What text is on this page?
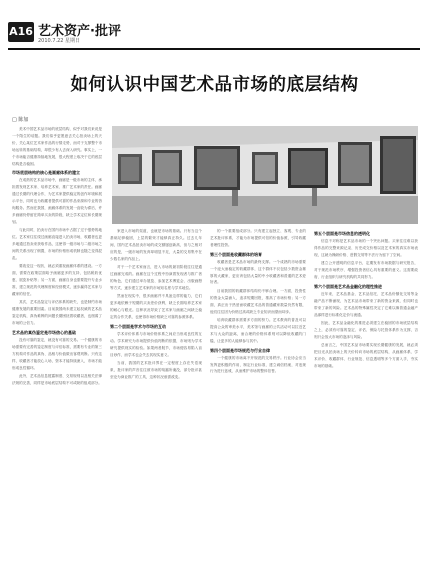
A16 艺术资产·批评
2010.7.22 星期日
如何认识中国艺术品市场的底层结构
□ 陈加
美术中国艺术品市场的底层结构，似乎对我们来说是一个陌生的话题。我们似乎更愿意去关心拍卖场上的天价，关心某位艺术家作品的行情走势，而对于支撑整个市场运转的基础结构，却很少有人去深入研究。事实上，一个市场能否健康持续地发展，很大程度上取决于它的底层结构是否稳固。
市场底层结构的核心是画廊体系的建立
在成熟的艺术品市场中，画廊是一级市场的主体，承担着发现艺术家、培养艺术家、推广艺术家的责任。画廊通过长期的代理合作，为艺术家提供稳定的创作环境和展示平台，同时也为收藏者提供可靠的作品来源和专业的咨询服务。然而在我国，画廊体系的发展一直较为滞后，许多画廊仍停留在简单买卖的阶段，缺乏学术定位和长期规划。
与此同时，拍卖行在国内市场中占据了过于强势的地位。艺术家往往绕过画廊直接进入拍卖市场，收藏者也更多地通过拍卖来获取作品，这使得一级市场与二级市场之间的关系出现了倒置，市场的价格形成机制也随之变得混乱。
要改变这一现状，就必须重视画廊体系的建设。一方面，需要在政策层面给予画廊更多的支持，包括税收优惠、展览补贴等；另一方面，画廊自身也需要提升专业水准，建立规范的代理制度和经营模式，逐步赢得艺术家与藏家的信任。
其次，艺术品鉴定与评估体系的缺失，也是制约市场健康发展的重要因素。目前我国尚未建立起权威的艺术品鉴定机构，真伪难辨的问题长期困扰着收藏者，也削弱了市场的公信力。
艺术品的真伪鉴定是市场信心的基础
没有可靠的鉴定，就没有可靠的交易。一个健康的市场需要有完善的鉴定制度与评估标准，需要有专业的第三方机构对作品的真伪、品相与价值做出客观判断。只有这样，收藏者才能放心入场，资本才能持续流入，市场才能形成良性循环。
此外，艺术品信息披露制度、交易规则以及相关法律法规的完善，同样是市场底层结构不可或缺的组成部分。
家进入市场的渠道，也就是市场的基础。只有当这个基础足够稳固，上层的繁荣才能够真正持久。过去几年间，国内艺术品拍卖市场的成交额屡创新高，但与之相对应的是，一级市场的发育却明显不足，大量的交易集中在少数名家的作品上。
对于一个艺术家而言，进入市场的最初阶段往往是通过画廊完成的。画廊在这个过程中扮演着发现者与推广者的角色，它们通过举办展览、参加艺术博览会、出版画册等方式，逐步建立艺术家的市场知名度与学术地位。
然而在现实中，很多画廊并不具备这样的能力，它们更多地依赖于短期的买卖差价获利，缺乏长期培养艺术家的耐心与眼光。这种状况导致了艺术家与画廊之间缺乏稳定的合作关系，也使得市场价格缺乏可靠的参照体系。
第二个层面是学术与市场的互动
学术评价体系与市场价格体系之间应当形成良性的互动。学术研究为市场提供价值判断的依据，市场则为学术研究提供现实的检验。如果两者脱节，市场便容易陷入盲目炒作，而学术也会失去其现实意义。
当前，我国的艺术批评界在一定程度上存在失语现象，批评家的声音往往被市场的喧嚣所淹没，部分批评甚至沦为商业推广的工具，这种状况亟需改变。
的一个重要组成部分。只有建立起独立、客观、专业的艺术批评体系，才能为市场提供可信的价值参照，引导收藏者理性投资。
第三个层面是收藏群体的培育
收藏者是艺术品市场的最终支撑。一个成熟的市场需要一个庞大而稳定的收藏群体，这个群体不仅包括少数资金雄厚的大藏家，更应该包括大量的中小收藏者和普通的艺术爱好者。
目前我国的收藏群体结构仍不够合理。一方面，投资性的资金大量涌入，追求短期回报，推高了市场价格；另一方面，真正出于热爱而收藏艺术品的普通藏家数量仍然有限，他们往往因为价格过高或缺乏专业知识而望而却步。
培育收藏群体需要多方面的努力。艺术教育的普及可以提高公众的审美水平，美术馆与画廊的公共活动可以拉近艺术与大众的距离，而合理的价格体系则可以降低收藏的门槛，让更多的人能够参与其中。
第四个层面是市场规范与行业自律
一个健康的市场离不开规范的交易秩序。行业协会应当发挥更积极的作用，制定行业标准，建立诚信档案，对违规行为进行惩戒，从而维护市场的整体信誉。
第五个层面是市场信息的透明化
信息不对称是艺术品市场的一个突出问题。买家往往难以获得作品的完整来源记录、历史成交价格以及艺术家的真实市场表现，这就为操纵价格、虚假交易等不法行为留下了空间。
建立公开透明的信息平台，定期发布市场数据与研究报告，对于规范市场秩序、增强投资者信心具有重要的意义。这需要政府、行业组织与研究机构的共同努力。
第六个层面是艺术品金融化的理性推进
近年来，艺术品基金、艺术品信托、艺术品份额化交易等金融产品不断涌现，为艺术品市场带来了新的资金来源，但同时也带来了新的风险。艺术品的特殊属性决定了它难以像普通金融产品那样进行标准化定价与流通。
因此，艺术品金融化的推进必须建立在稳固的市场底层结构之上，必须有可靠的鉴定、评估、保险与托管体系作为支撑，否则只会放大市场的泡沫与风险。
总而言之，中国艺术品市场要实现长期健康的发展，就必须把目光从拍卖场上的天价转向市场的底层结构，从画廊体系、学术评价、收藏群体、行业规范、信息透明等多个方面入手，夯实市场的基础。
